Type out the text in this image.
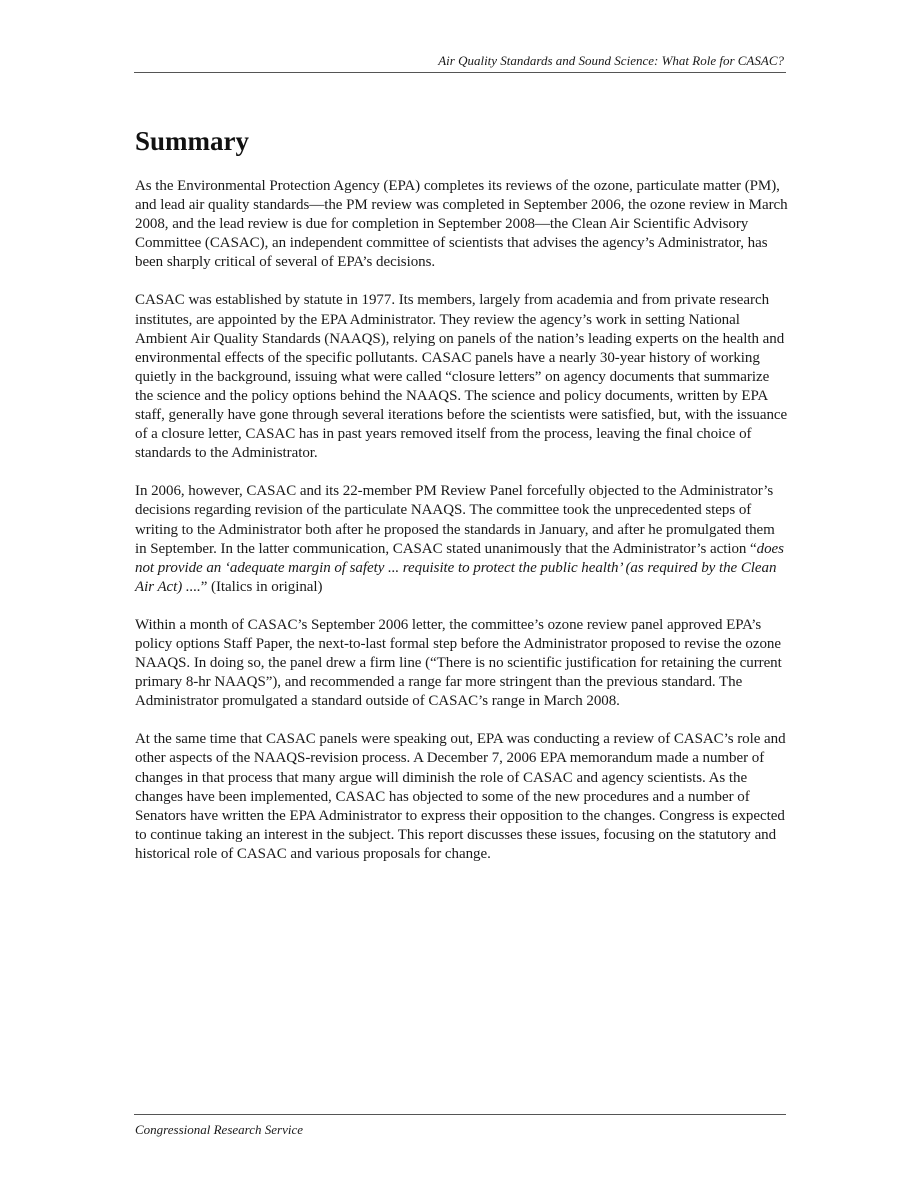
Air Quality Standards and Sound Science: What Role for CASAC?
Summary

As the Environmental Protection Agency (EPA) completes its reviews of the ozone, particulate matter (PM), and lead air quality standards—the PM review was completed in September 2006, the ozone review in March 2008, and the lead review is due for completion in September 2008—the Clean Air Scientific Advisory Committee (CASAC), an independent committee of scientists that advises the agency’s Administrator, has been sharply critical of several of EPA’s decisions.

CASAC was established by statute in 1977. Its members, largely from academia and from private research institutes, are appointed by the EPA Administrator. They review the agency’s work in setting National Ambient Air Quality Standards (NAAQS), relying on panels of the nation’s leading experts on the health and environmental effects of the specific pollutants. CASAC panels have a nearly 30-year history of working quietly in the background, issuing what were called “closure letters” on agency documents that summarize the science and the policy options behind the NAAQS. The science and policy documents, written by EPA staff, generally have gone through several iterations before the scientists were satisfied, but, with the issuance of a closure letter, CASAC has in past years removed itself from the process, leaving the final choice of standards to the Administrator.

In 2006, however, CASAC and its 22-member PM Review Panel forcefully objected to the Administrator’s decisions regarding revision of the particulate NAAQS. The committee took the unprecedented steps of writing to the Administrator both after he proposed the standards in January, and after he promulgated them in September. In the latter communication, CASAC stated unanimously that the Administrator’s action “does not provide an ‘adequate margin of safety ... requisite to protect the public health’ (as required by the Clean Air Act) ....” (Italics in original)

Within a month of CASAC’s September 2006 letter, the committee’s ozone review panel approved EPA’s policy options Staff Paper, the next-to-last formal step before the Administrator proposed to revise the ozone NAAQS. In doing so, the panel drew a firm line (“There is no scientific justification for retaining the current primary 8-hr NAAQS”), and recommended a range far more stringent than the previous standard. The Administrator promulgated a standard outside of CASAC’s range in March 2008.

At the same time that CASAC panels were speaking out, EPA was conducting a review of CASAC’s role and other aspects of the NAAQS-revision process. A December 7, 2006 EPA memorandum made a number of changes in that process that many argue will diminish the role of CASAC and agency scientists. As the changes have been implemented, CASAC has objected to some of the new procedures and a number of Senators have written the EPA Administrator to express their opposition to the changes. Congress is expected to continue taking an interest in the subject. This report discusses these issues, focusing on the statutory and historical role of CASAC and various proposals for change.

Congressional Research Service
